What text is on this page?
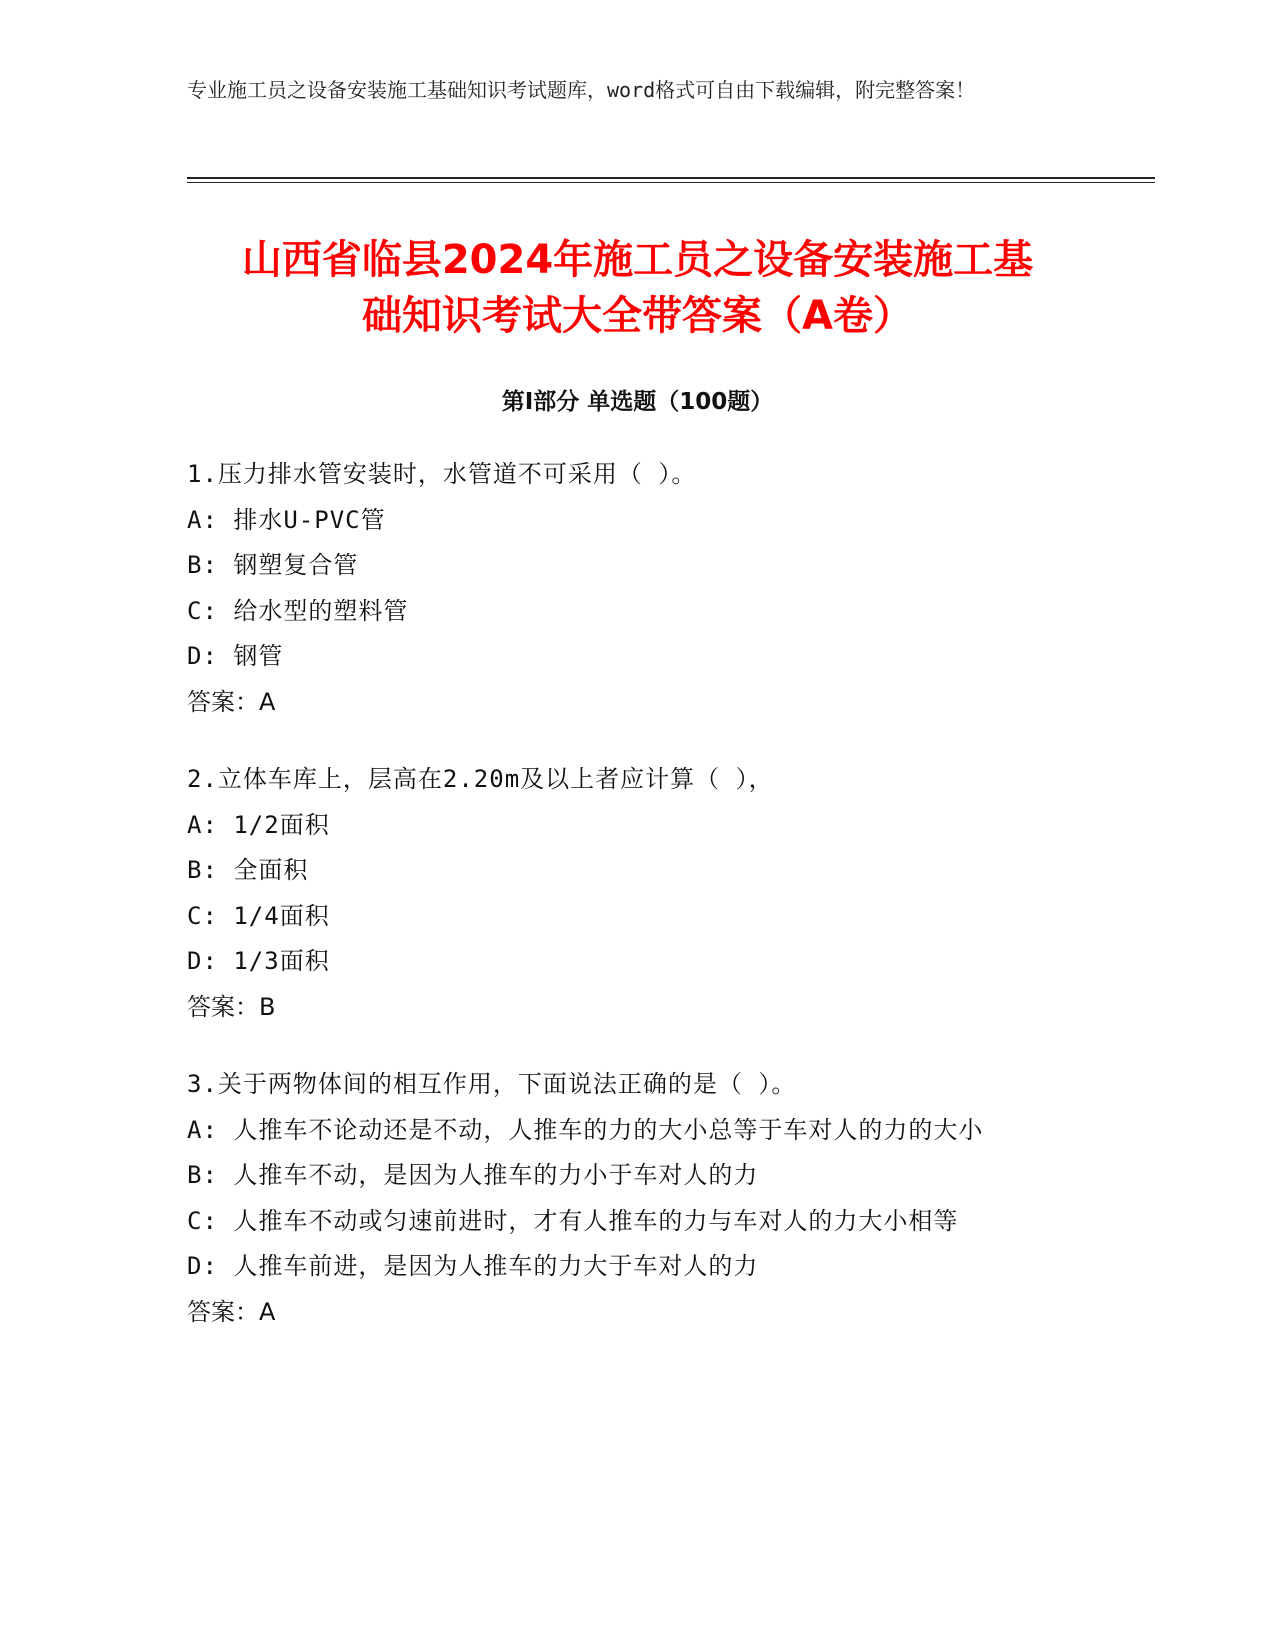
专业施工员之设备安装施工基础知识考试题库，word格式可自由下载编辑，附完整答案！
山西省临县2024年施工员之设备安装施工基
础知识考试大全带答案（A卷）
第Ⅰ部分 单选题（100题）
1.压力排水管安装时，水管道不可采用（ ）。
A: 排水U-PVC管
B: 钢塑复合管
C: 给水型的塑料管
D: 钢管
答案：A
2.立体车库上，层高在2.20m及以上者应计算（ ），
A: 1/2面积
B: 全面积
C: 1/4面积
D: 1/3面积
答案：B
3.关于两物体间的相互作用，下面说法正确的是（ ）。
A: 人推车不论动还是不动，人推车的力的大小总等于车对人的力的大小
B: 人推车不动，是因为人推车的力小于车对人的力
C: 人推车不动或匀速前进时，才有人推车的力与车对人的力大小相等
D: 人推车前进，是因为人推车的力大于车对人的力
答案：A
